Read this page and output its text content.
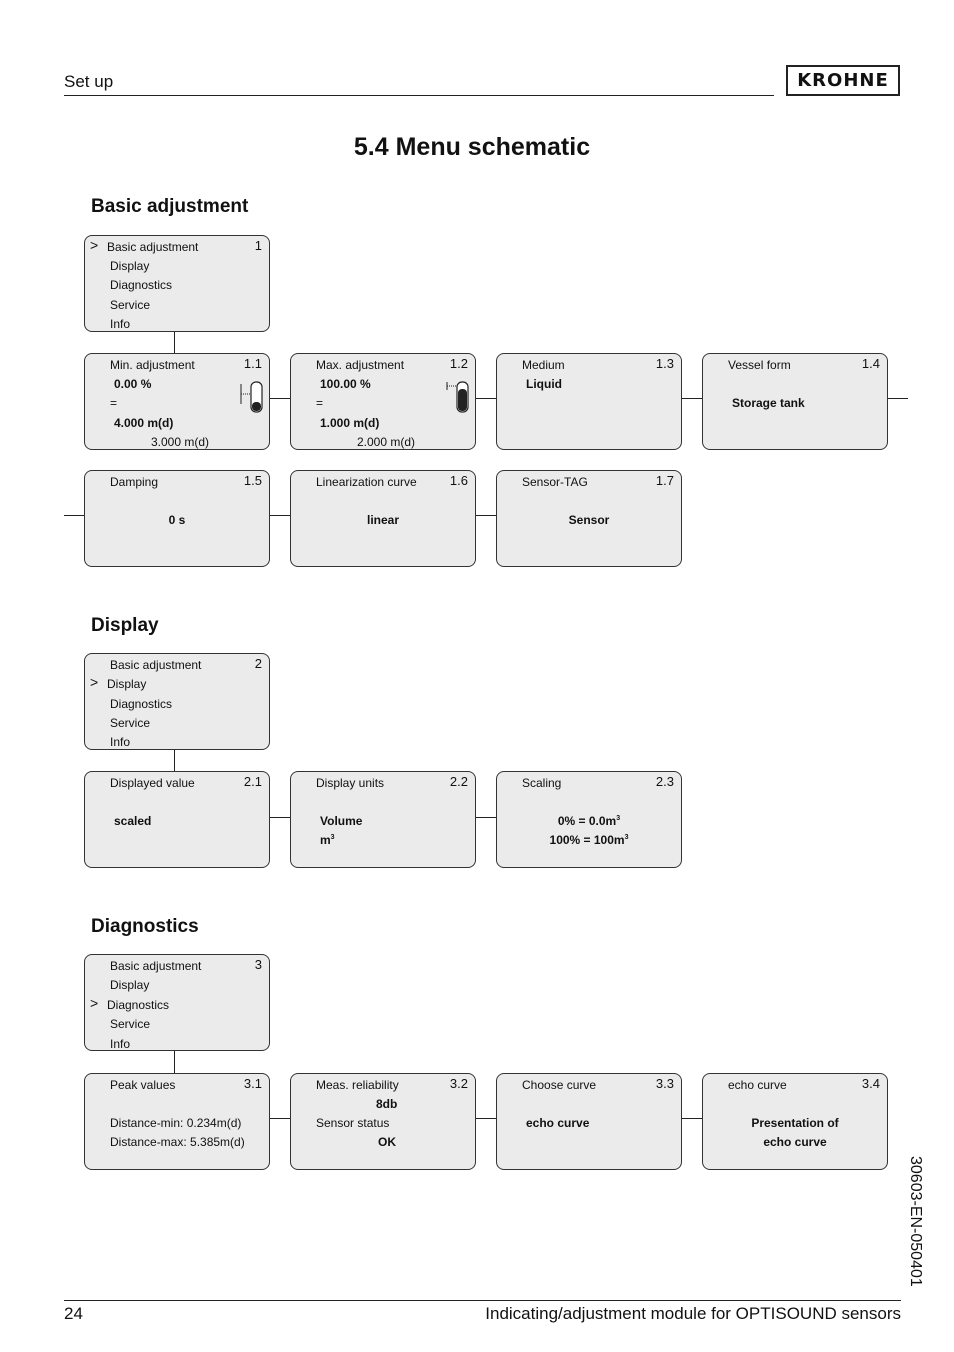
Set up	KROHNE
5.4 Menu schematic
Basic adjustment
> Basic adjustment
Display
Diagnostics
Service
Info
1
Min. adjustment	1.1
0.00 %
=
4.000 m(d)
3.000 m(d)
Max. adjustment	1.2
100.00 %
=
1.000 m(d)
2.000 m(d)
Medium	1.3
Liquid
Vessel form	1.4
Storage tank
Damping	1.5
0 s
Linearization curve	1.6
linear
Sensor-TAG	1.7
Sensor
Display
Basic adjustment
> Display
Diagnostics
Service
Info
2
Displayed value	2.1
scaled
Display units	2.2
Volume
$m^3$
Scaling	2.3
$0\% = 0.0m^3$
$100\% = 100m^3$
Diagnostics
Basic adjustment
Display
> Diagnostics
Service
Info
3
Peak values	3.1
Distance-min: 0.234m(d)
Distance-max: 5.385m(d)
Meas. reliability	3.2
8db
Sensor status
OK
Choose curve	3.3
echo curve
echo curve	3.4
Presentation of
echo curve
30603-EN-050401
24	Indicating/adjustment module for OPTISOUND sensors
